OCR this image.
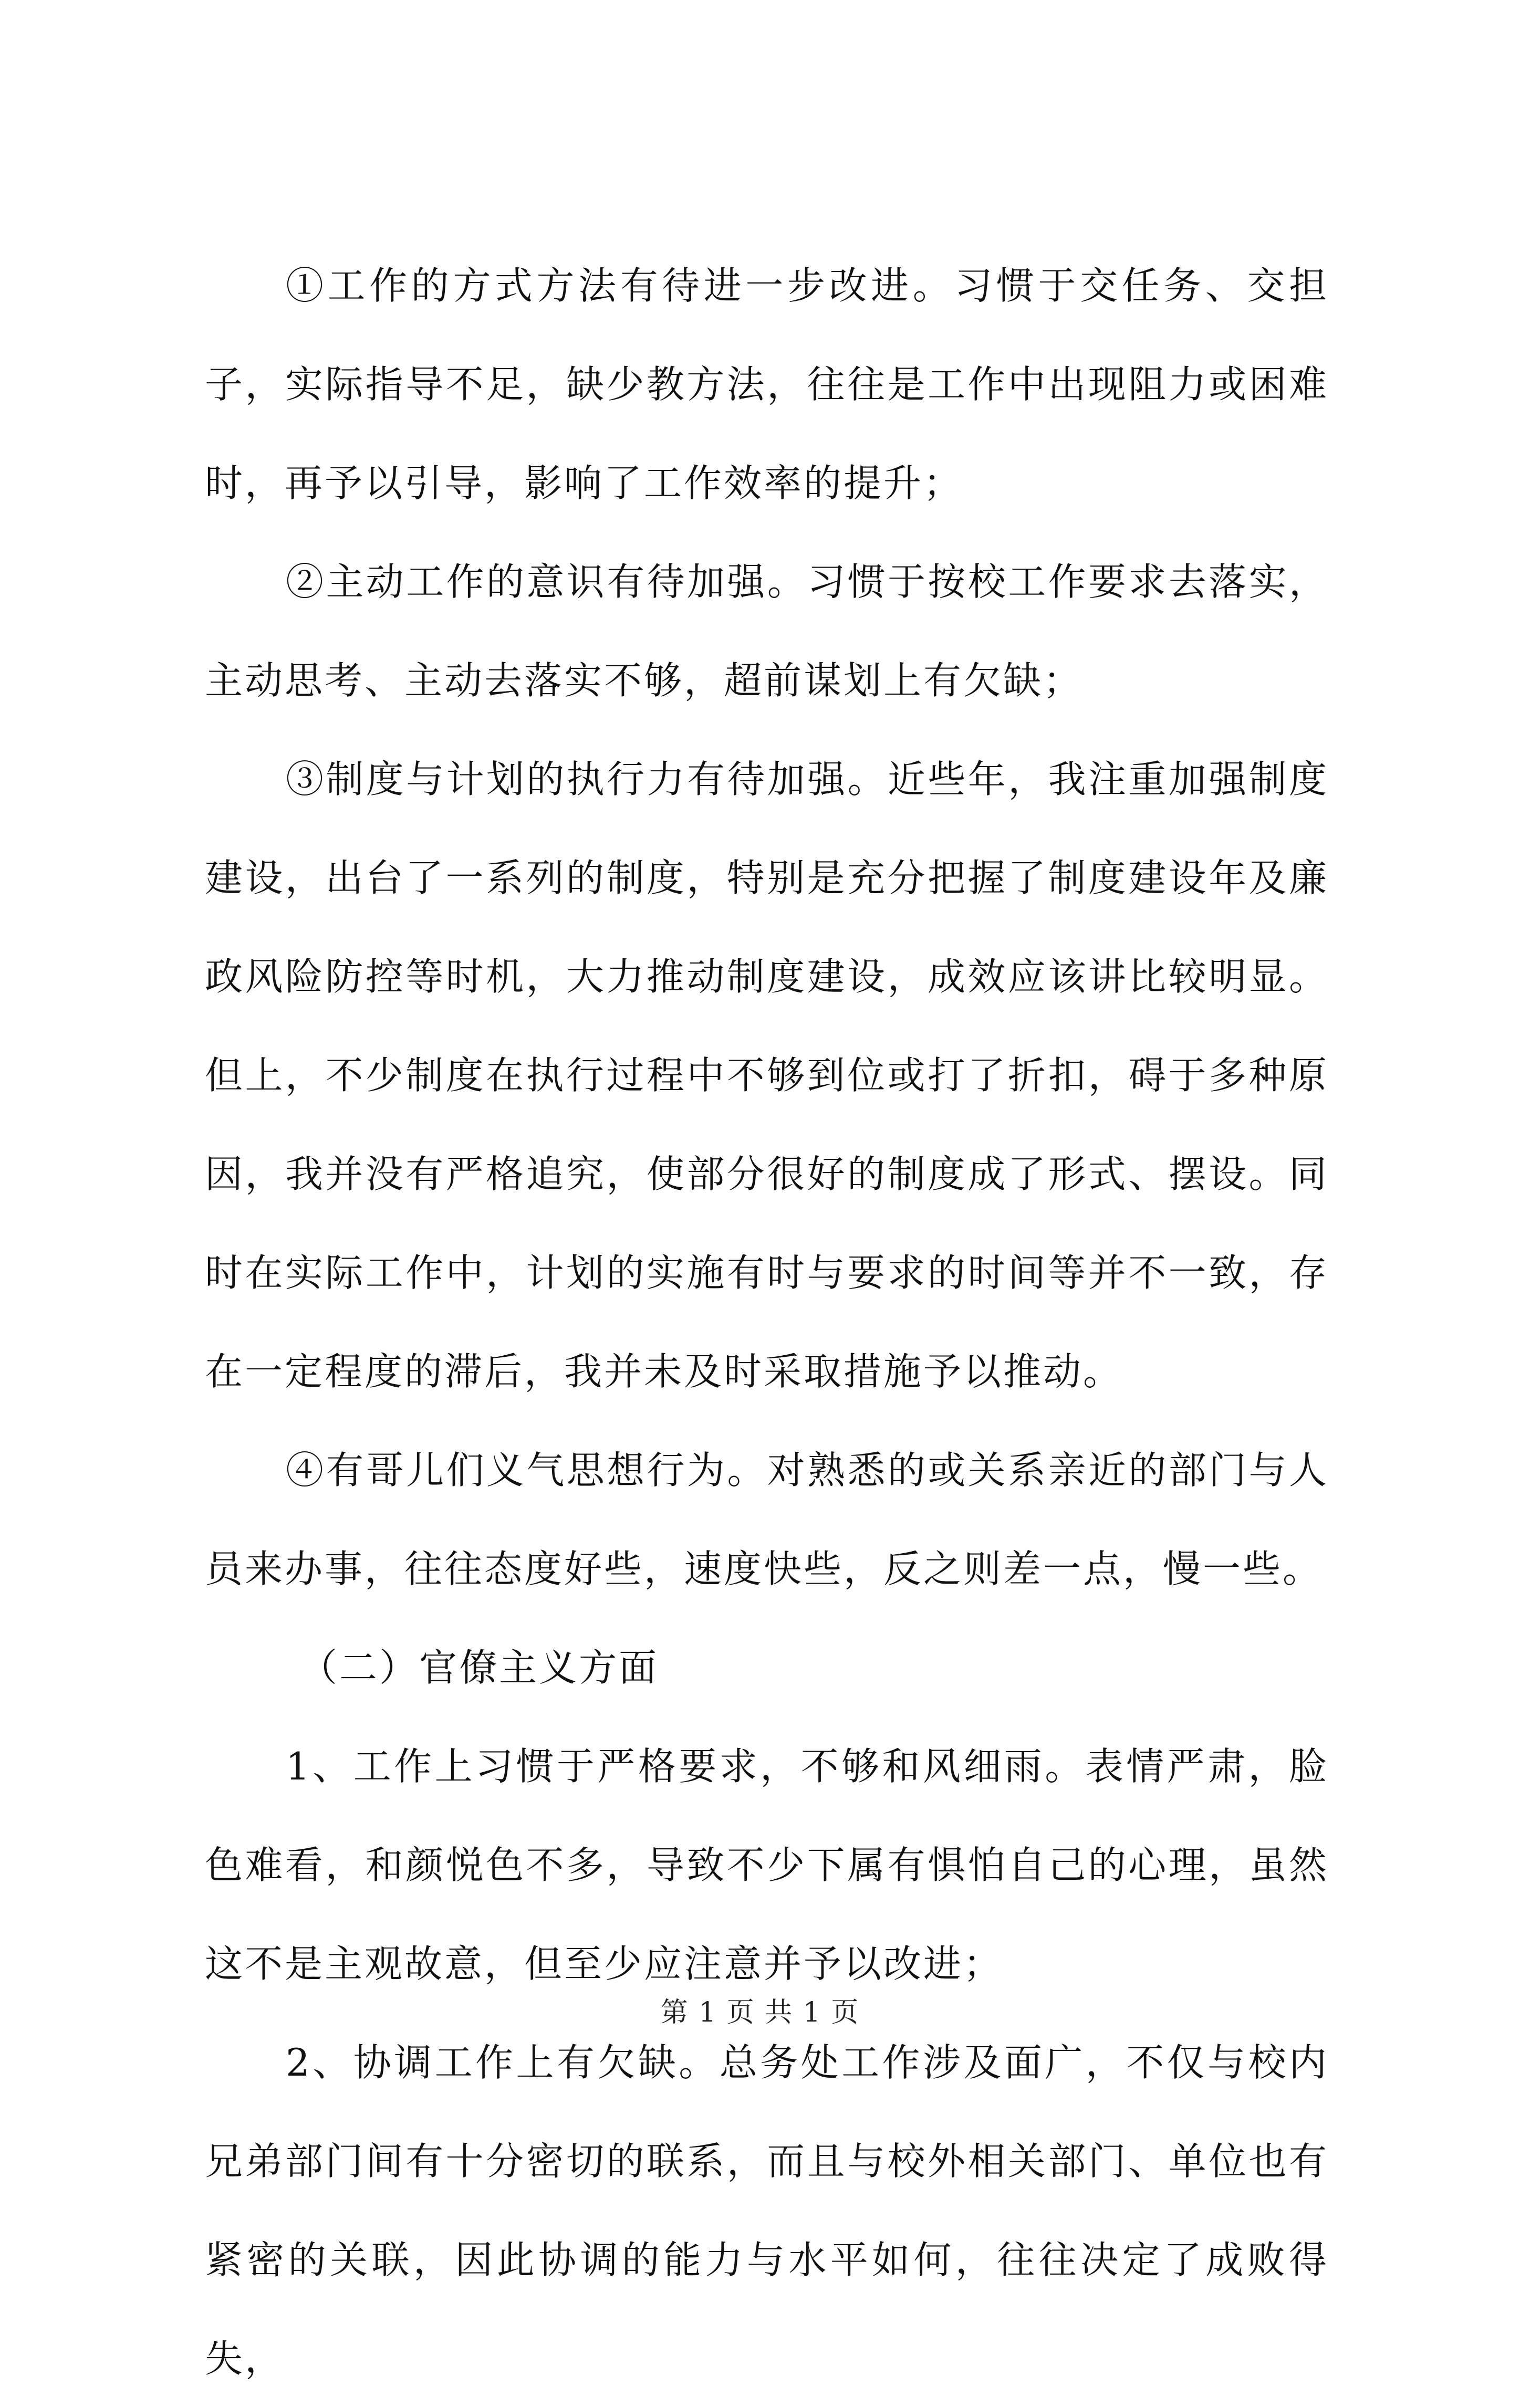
①工作的方式方法有待进一步改进。习惯于交任务、交担子，实际指导不足，缺少教方法，往往是工作中出现阻力或困难时，再予以引导，影响了工作效率的提升；

②主动工作的意识有待加强。习惯于按校工作要求去落实，主动思考、主动去落实不够，超前谋划上有欠缺；

③制度与计划的执行力有待加强。近些年，我注重加强制度建设，出台了一系列的制度，特别是充分把握了制度建设年及廉政风险防控等时机，大力推动制度建设，成效应该讲比较明显。但上，不少制度在执行过程中不够到位或打了折扣，碍于多种原因，我并没有严格追究，使部分很好的制度成了形式、摆设。同时在实际工作中，计划的实施有时与要求的时间等并不一致，存在一定程度的滞后，我并未及时采取措施予以推动。

④有哥儿们义气思想行为。对熟悉的或关系亲近的部门与人员来办事，往往态度好些，速度快些，反之则差一点，慢一些。

（二）官僚主义方面

1、工作上习惯于严格要求，不够和风细雨。表情严肃，脸色难看，和颜悦色不多，导致不少下属有惧怕自己的心理，虽然这不是主观故意，但至少应注意并予以改进；

2、协调工作上有欠缺。总务处工作涉及面广，不仅与校内兄弟部门间有十分密切的联系，而且与校外相关部门、单位也有紧密的关联，因此协调的能力与水平如何，往往决定了成败得失，

第 1 页 共 1 页
